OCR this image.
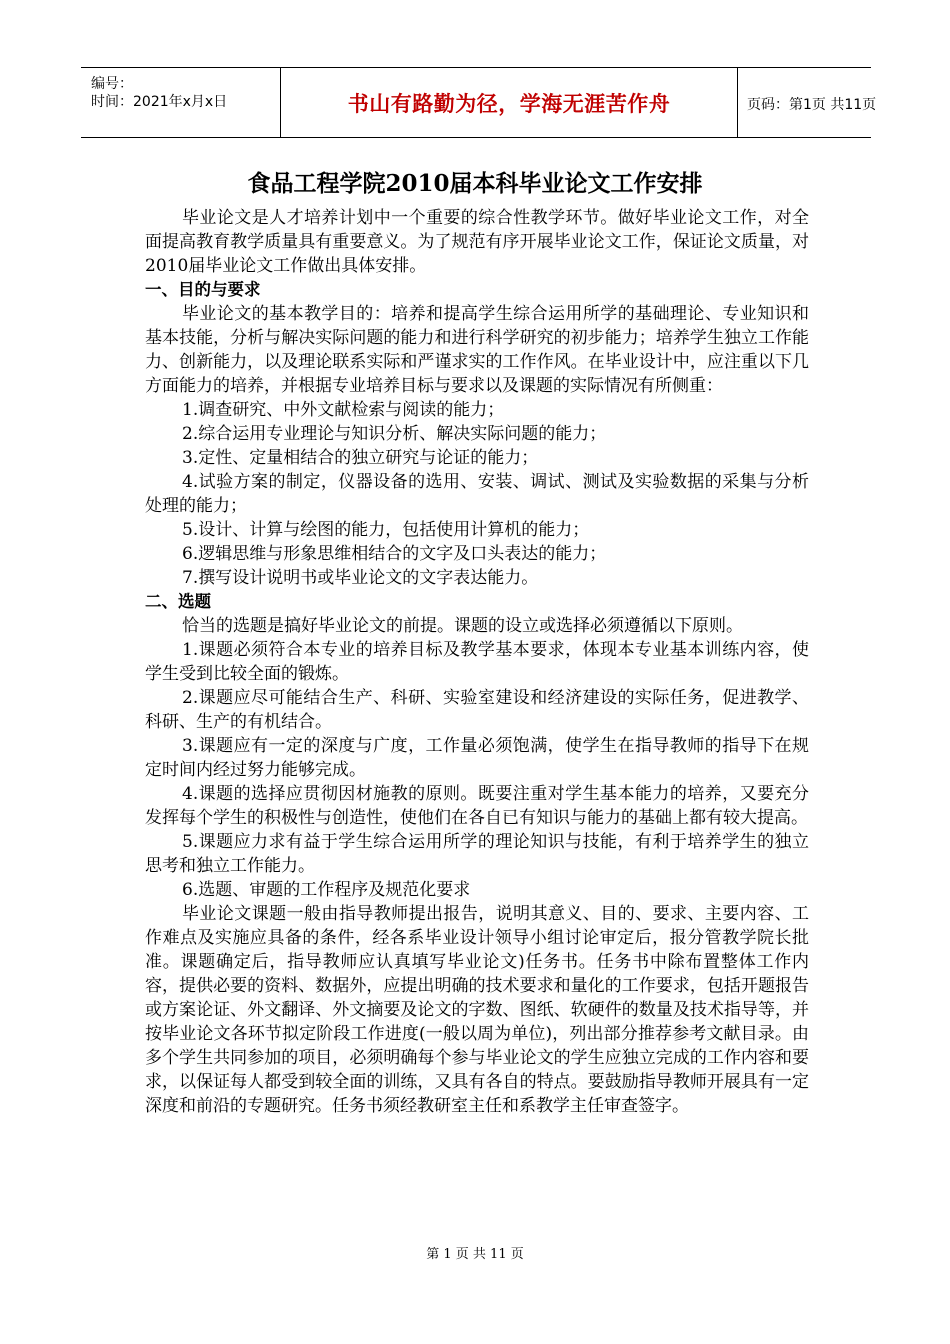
编号：
时间：2021年x月x日	书山有路勤为径，学海无涯苦作舟	页码：第1页 共11页
食品工程学院2010届本科毕业论文工作安排

毕业论文是人才培养计划中一个重要的综合性教学环节。做好毕业论文工作，对全面提高教育教学质量具有重要意义。为了规范有序开展毕业论文工作，保证论文质量，对2010届毕业论文工作做出具体安排。

一、目的与要求

毕业论文的基本教学目的：培养和提高学生综合运用所学的基础理论、专业知识和基本技能，分析与解决实际问题的能力和进行科学研究的初步能力；培养学生独立工作能力、创新能力，以及理论联系实际和严谨求实的工作作风。在毕业设计中，应注重以下几方面能力的培养，并根据专业培养目标与要求以及课题的实际情况有所侧重：

1.调查研究、中外文献检索与阅读的能力；

2.综合运用专业理论与知识分析、解决实际问题的能力；

3.定性、定量相结合的独立研究与论证的能力；

4.试验方案的制定，仪器设备的选用、安装、调试、测试及实验数据的采集与分析处理的能力；

5.设计、计算与绘图的能力，包括使用计算机的能力；

6.逻辑思维与形象思维相结合的文字及口头表达的能力；

7.撰写设计说明书或毕业论文的文字表达能力。

二、选题

恰当的选题是搞好毕业论文的前提。课题的设立或选择必须遵循以下原则。

1.课题必须符合本专业的培养目标及教学基本要求，体现本专业基本训练内容，使学生受到比较全面的锻炼。

2.课题应尽可能结合生产、科研、实验室建设和经济建设的实际任务，促进教学、科研、生产的有机结合。

3.课题应有一定的深度与广度，工作量必须饱满，使学生在指导教师的指导下在规定时间内经过努力能够完成。

4.课题的选择应贯彻因材施教的原则。既要注重对学生基本能力的培养，又要充分发挥每个学生的积极性与创造性，使他们在各自已有知识与能力的基础上都有较大提高。

5.课题应力求有益于学生综合运用所学的理论知识与技能，有利于培养学生的独立思考和独立工作能力。

6.选题、审题的工作程序及规范化要求

毕业论文课题一般由指导教师提出报告，说明其意义、目的、要求、主要内容、工作难点及实施应具备的条件，经各系毕业设计领导小组讨论审定后，报分管教学院长批准。课题确定后，指导教师应认真填写毕业论文)任务书。任务书中除布置整体工作内容，提供必要的资料、数据外，应提出明确的技术要求和量化的工作要求，包括开题报告或方案论证、外文翻译、外文摘要及论文的字数、图纸、软硬件的数量及技术指导等，并按毕业论文各环节拟定阶段工作进度(一般以周为单位)，列出部分推荐参考文献目录。由多个学生共同参加的项目，必须明确每个参与毕业论文的学生应独立完成的工作内容和要求，以保证每人都受到较全面的训练，又具有各自的特点。要鼓励指导教师开展具有一定深度和前沿的专题研究。任务书须经教研室主任和系教学主任审查签字。

第 1 页 共 11 页
